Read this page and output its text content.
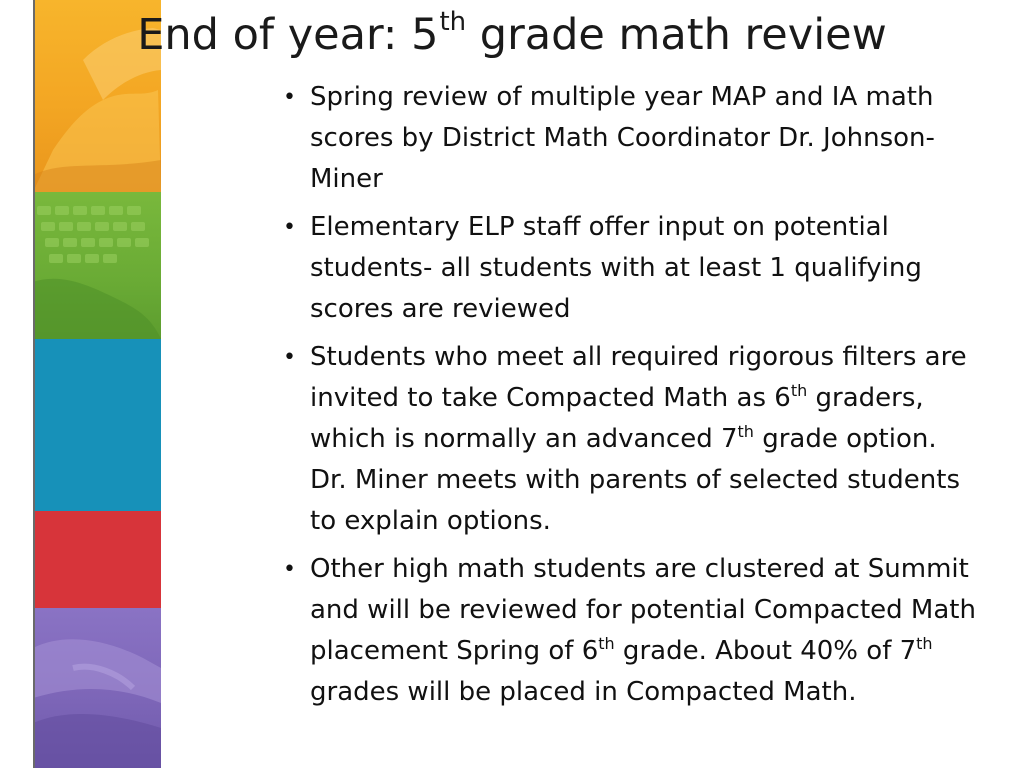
End of year: 5th grade math review
• Spring review of multiple year MAP and IA math scores by District Math Coordinator Dr. Johnson-Miner
• Elementary ELP staff offer input on potential students- all students with at least 1 qualifying scores are reviewed
• Students who meet all required rigorous filters are invited to take Compacted Math as 6th graders, which is normally an advanced 7th grade option. Dr. Miner meets with parents of selected students to explain options.
• Other high math students are clustered at Summit and will be reviewed for potential Compacted Math placement Spring of 6th grade. About 40% of 7th grades will be placed in Compacted Math.
